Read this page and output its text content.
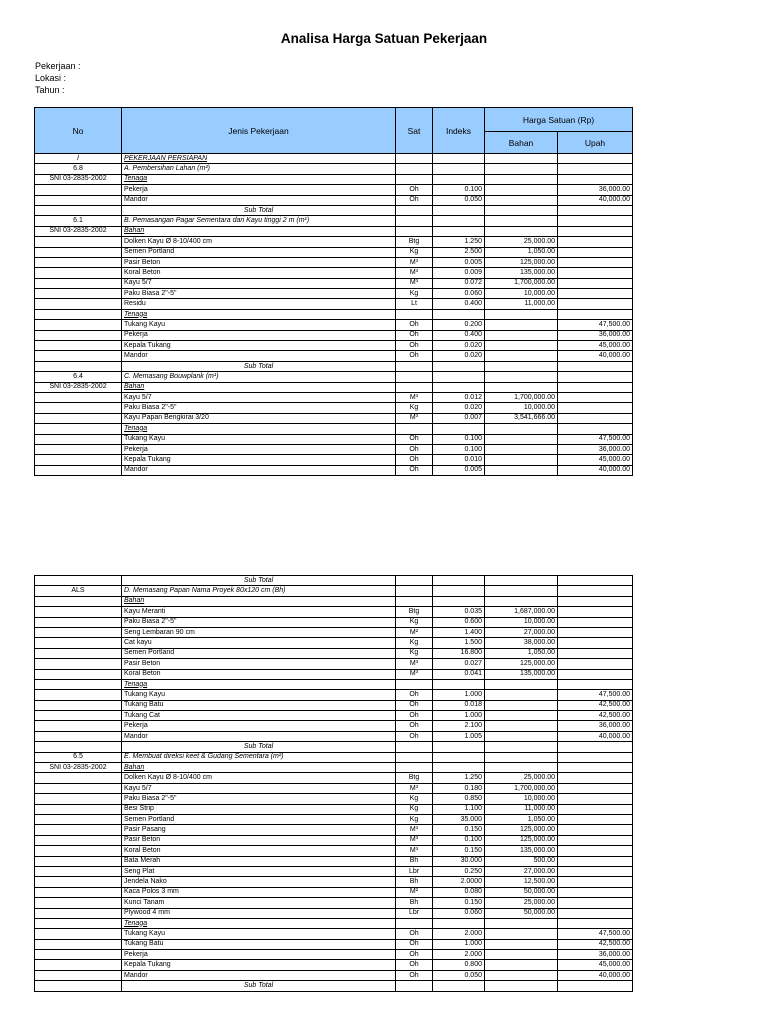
Analisa Harga Satuan Pekerjaan
Pekerjaan :
Lokasi :
Tahun :
No	Jenis Pekerjaan	Sat	Indeks	Harga Satuan (Rp)	
				Bahan	Upah
I	PEKERJAAN PERSIAPAN				
6.8	A. Pembersihan Lahan (m²)				
SNI 03-2835-2002	Tenaga				
	Pekerja	Oh	0.100		36,000.00
	Mandor	Oh	0.050		40,000.00
	Sub Total				
6.1	B. Pemasangan Pagar Sementara dari Kayu tinggi 2 m (m¹)				
SNI 03-2835-2002	Bahan				
	Dolken Kayu Ø 8-10/400 cm	Btg	1.250	25,000.00	
	Semen Portland	Kg	2.500	1,050.00	
	Pasir Beton	M³	0.005	125,000.00	
	Koral Beton	M³	0.009	135,000.00	
	Kayu 5/7	M³	0.072	1,700,000.00	
	Paku Biasa 2"-5"	Kg	0.060	10,000.00	
	Residu	Lt	0.400	11,000.00	
	Tenaga				
	Tukang Kayu	Oh	0.200		47,500.00
	Pekerja	Oh	0.400		36,000.00
	Kepala Tukang	Oh	0.020		45,000.00
	Mandor	Oh	0.020		40,000.00
	Sub Total				
6.4	C. Memasang Bouwplank (m¹)				
SNI 03-2835-2002	Bahan				
	Kayu 5/7	M³	0.012	1,700,000.00	
	Paku Biasa 2"-5"	Kg	0.020	10,000.00	
	Kayu Papan Bengkirai 3/20	M³	0.007	3,541,666.00	
	Tenaga				
	Tukang Kayu	Oh	0.100		47,500.00
	Pekerja	Oh	0.100		36,000.00
	Kepala Tukang	Oh	0.010		45,000.00
	Mandor	Oh	0.005		40,000.00
	Sub Total				
ALS	D. Memasang Papan Nama Proyek 80x120 cm (Bh)				
	Bahan				
	Kayu Meranti	Btg	0.035	1,687,000.00	
	Paku Biasa 2"-5"	Kg	0.600	10,000.00	
	Seng Lembaran 90 cm	M²	1.400	27,000.00	
	Cat kayu	Kg	1.500	38,000.00	
	Semen Portland	Kg	16.800	1,050.00	
	Pasir Beton	M³	0.027	125,000.00	
	Koral Beton	M³	0.041	135,000.00	
	Tenaga				
	Tukang Kayu	Oh	1.000		47,500.00
	Tukang Batu	Oh	0.018		42,500.00
	Tukang Cat	Oh	1.000		42,500.00
	Pekerja	Oh	2.100		36,000.00
	Mandor	Oh	1.005		40,000.00
	Sub Total				
6.5	E. Membuat direksi keet & Gudang Sementara (m²)				
SNI 03-2835-2002	Bahan				
	Dolken Kayu Ø 8-10/400 cm	Btg	1.250	25,000.00	
	Kayu 5/7	M³	0.180	1,700,000.00	
	Paku Biasa 2"-5"	Kg	0.850	10,000.00	
	Besi Strip	Kg	1.100	11,000.00	
	Semen Portland	Kg	35.000	1,050.00	
	Pasir Pasang	M³	0.150	125,000.00	
	Pasir Beton	M³	0.100	125,000.00	
	Koral Beton	M³	0.150	135,000.00	
	Bata Merah	Bh	30.000	500.00	
	Seng Plat	Lbr	0.250	27,000.00	
	Jendela Nako	Bh	2.0000	12,500.00	
	Kaca Polos 3 mm	M²	0.080	50,000.00	
	Kunci Tanam	Bh	0.150	25,000.00	
	Plywood 4 mm	Lbr	0.060	50,000.00	
	Tenaga				
	Tukang Kayu	Oh	2.000		47,500.00
	Tukang Batu	Oh	1.000		42,500.00
	Pekerja	Oh	2.000		36,000.00
	Kepala Tukang	Oh	0.800		45,000.00
	Mandor	Oh	0.050		40,000.00
	Sub Total				
